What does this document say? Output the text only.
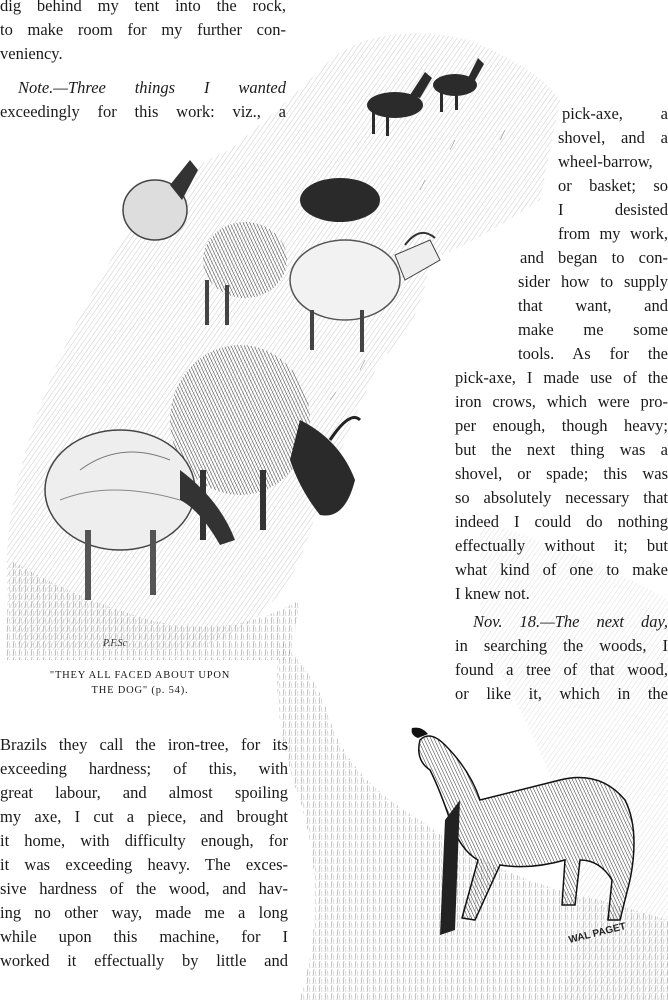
dig behind my tent into the rock,
to make room for my further con-
veniency.
Note.—Three things I wanted
exceedingly for this work: viz., a	pick-axe, a
shovel, and a
wheel-barrow,
or basket; so
I desisted
from my work,
and began to con-
sider how to supply
that want, and
make me some
tools. As for the
pick-axe, I made use of the
iron crows, which were pro-
per enough, though heavy;
but the next thing was a
shovel, or spade; this was
so absolutely necessary that
indeed I could do nothing
effectually without it; but
what kind of one to make
I knew not.
Nov. 18.—The next day,
in searching the woods, I
found a tree of that wood,
or like it, which in the
"THEY ALL FACED ABOUT UPON
THE DOG" (p. 54).
P.F.Sc
WAL PAGET
Brazils they call the iron-tree, for its
exceeding hardness; of this, with
great labour, and almost spoiling
my axe, I cut a piece, and brought
it home, with difficulty enough, for
it was exceeding heavy. The exces-
sive hardness of the wood, and hav-
ing no other way, made me a long
while upon this machine, for I
worked it effectually by little and
